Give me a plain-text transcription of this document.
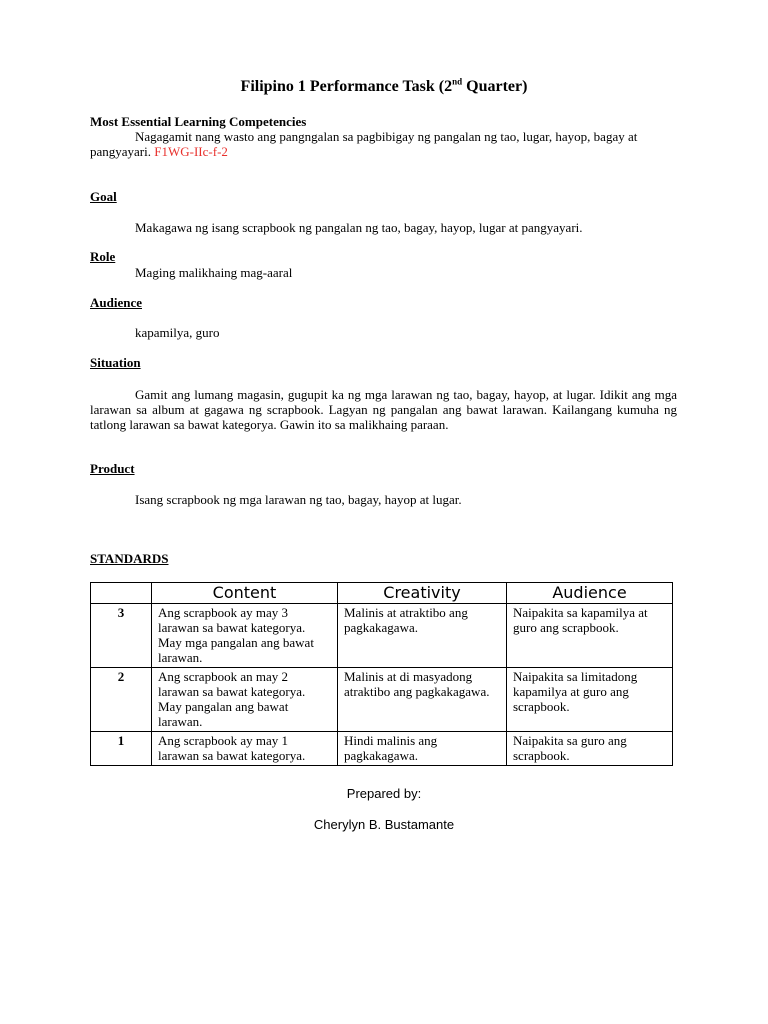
Filipino 1 Performance Task (2nd Quarter)
Most Essential Learning Competencies
Nagagamit nang wasto ang pangngalan sa pagbibigay ng pangalan ng tao, lugar, hayop, bagay at pangyayari. F1WG-IIc-f-2
Goal
Makagawa ng isang scrapbook ng pangalan ng tao, bagay, hayop, lugar at pangyayari.
Role
Maging malikhaing mag-aaral
Audience
kapamilya, guro
Situation
Gamit ang lumang magasin, gugupit ka ng mga larawan ng tao, bagay, hayop, at lugar. Idikit ang mga larawan sa album at gagawa ng scrapbook. Lagyan ng pangalan ang bawat larawan. Kailangang kumuha ng tatlong larawan sa bawat kategorya. Gawin ito sa malikhaing paraan.
Product
Isang scrapbook ng mga larawan ng tao, bagay, hayop at lugar.
STANDARDS
	Content	Creativity	Audience
3	Ang scrapbook ay may 3 larawan sa bawat kategorya. May mga pangalan ang bawat larawan.	Malinis at atraktibo ang pagkakagawa.	Naipakita sa kapamilya at guro ang scrapbook.
2	Ang scrapbook an may 2 larawan sa bawat kategorya. May pangalan ang bawat larawan.	Malinis at di masyadong atraktibo ang pagkakagawa.	Naipakita sa limitadong kapamilya at guro ang scrapbook.
1	Ang scrapbook ay may 1 larawan sa bawat kategorya.	Hindi malinis ang pagkakagawa.	Naipakita sa guro ang scrapbook.
Prepared by:
Cherylyn B. Bustamante
